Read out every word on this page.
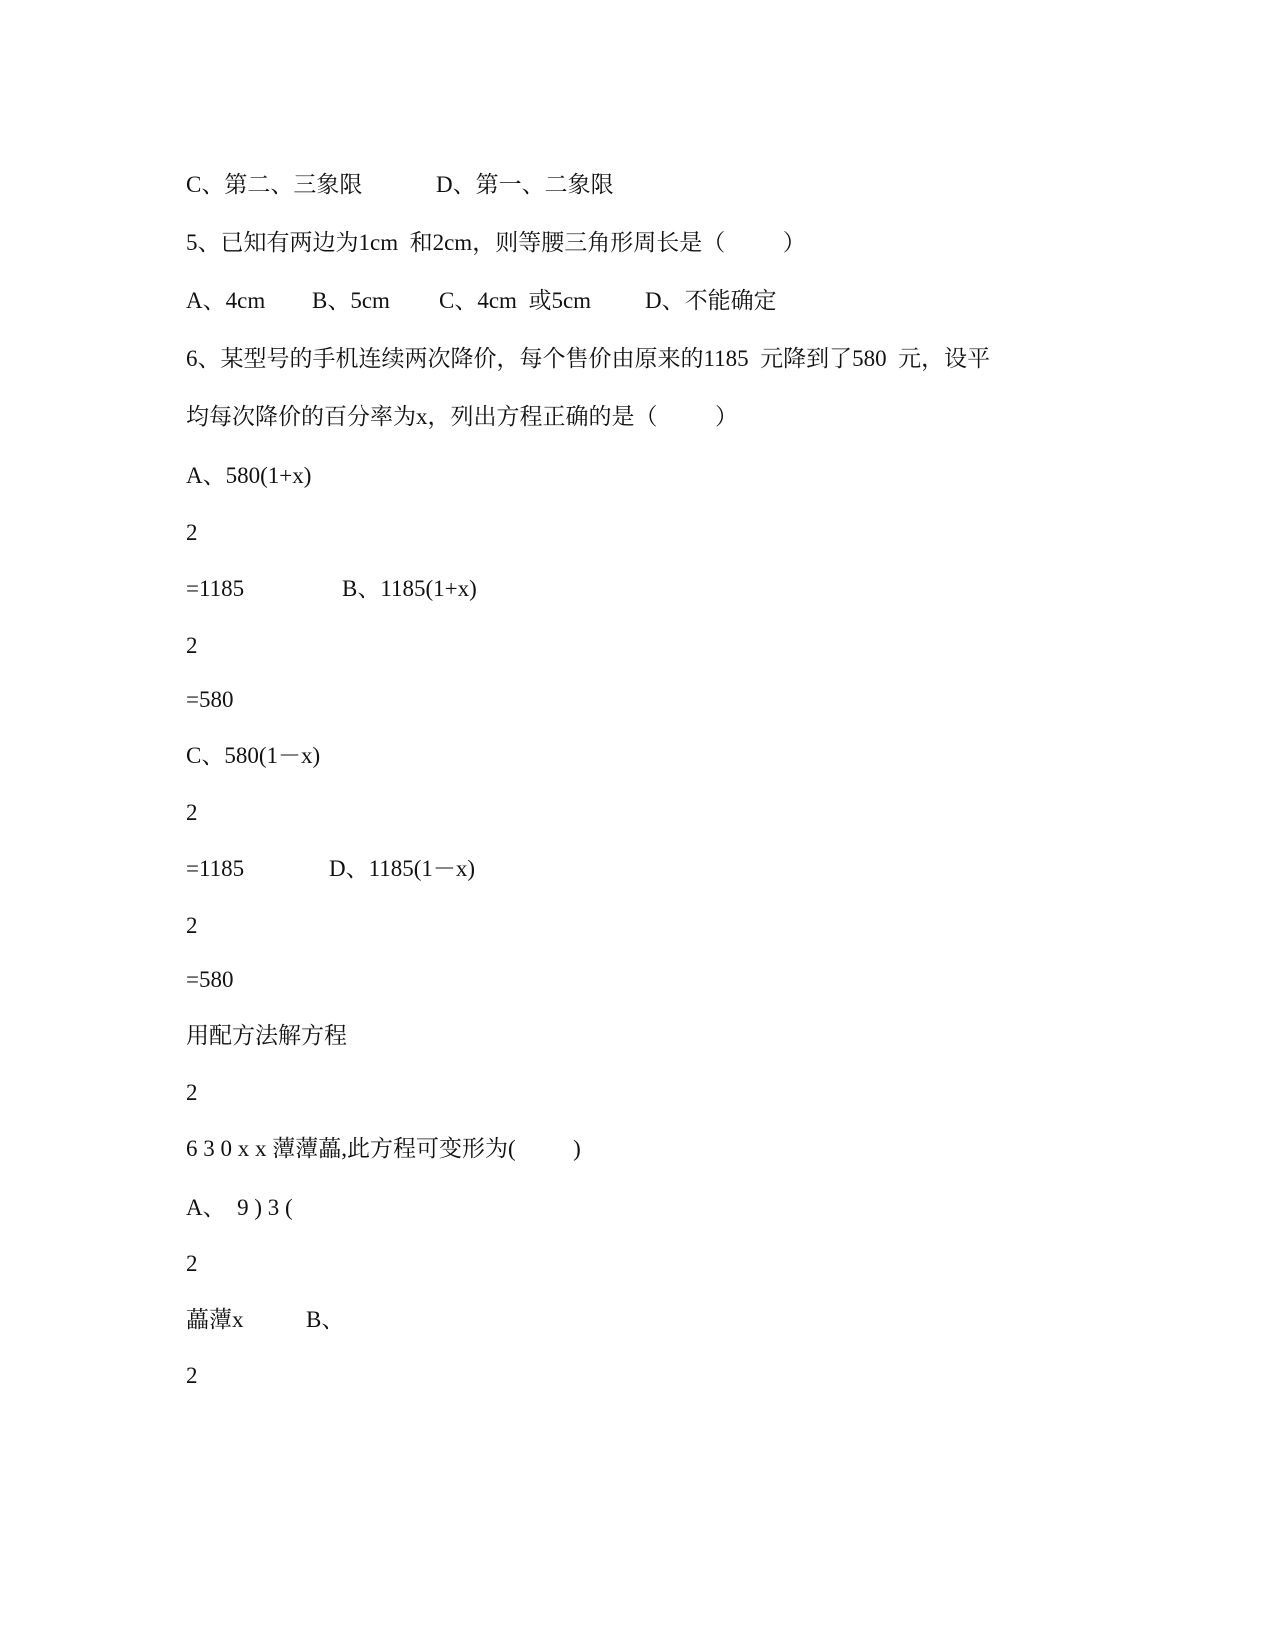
C、第二、三象限	D、第一、二象限
5、已知有两边为1cm  和2cm，则等腰三角形周长是（          ）
A、4cm B、5cm C、4cm  或5cm D、不能确定
6、某型号的手机连续两次降价，每个售价由原来的1185  元降到了580  元，设平
均每次降价的百分率为x，列出方程正确的是（          ）
A、580(1+x)
2
=1185	B、1185(1+x)
2
=580
C、580(1－x)
2
=1185	D、1185(1－x)
2
=580
用配方法解方程
2
6 3 0 x x 藫藫藟,此方程可变形为(          )
A、  9 ) 3 (
2
藟藫x	B、
2
